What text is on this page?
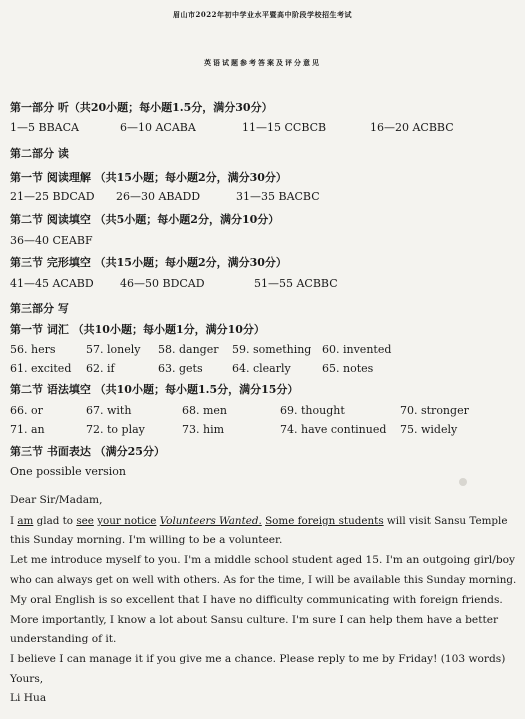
眉山市2022年初中学业水平暨高中阶段学校招生考试
英语试题参考答案及评分意见
第一部分 听（共20小题；每小题1.5分，满分30分）
1—5 BBACA	6—10 ACABA	11—15 CCBCB	16—20 ACBBC
第二部分 读
第一节 阅读理解 （共15小题；每小题2分，满分30分）
21—25 BDCAD 26—30 ABADD	31—35 BACBC
第二节 阅读填空 （共5小题；每小题2分，满分10分）
36—40 CEABF
第三节 完形填空 （共15小题；每小题2分，满分30分）
41—45 ACABD 46—50 BDCAD	51—55 ACBBC
第三部分 写
第一节 词汇 （共10小题；每小题1分，满分10分）
56. hers	57. lonely 58. danger 59. something 60. invented
61. excited 62. if	63. gets	64. clearly	65. notes
第二节 语法填空 （共10小题；每小题1.5分，满分15分）
66. or	67. with	68. men	69. thought	70. stronger
71. an	72. to play	73. him	74. have continued 75. widely
第三节 书面表达 （满分25分）
One possible version
Dear Sir/Madam,
I am glad to see your notice Volunteers Wanted. Some foreign students will visit Sansu Temple
this Sunday morning. I'm willing to be a volunteer.
Let me introduce myself to you. I'm a middle school student aged 15. I'm an outgoing girl/boy
who can always get on well with others. As for the time, I will be available this Sunday morning.
My oral English is so excellent that I have no difficulty communicating with foreign friends.
More importantly, I know a lot about Sansu culture. I'm sure I can help them have a better
understanding of it.
I believe I can manage it if you give me a chance. Please reply to me by Friday! (103 words)
Yours,
Li Hua
